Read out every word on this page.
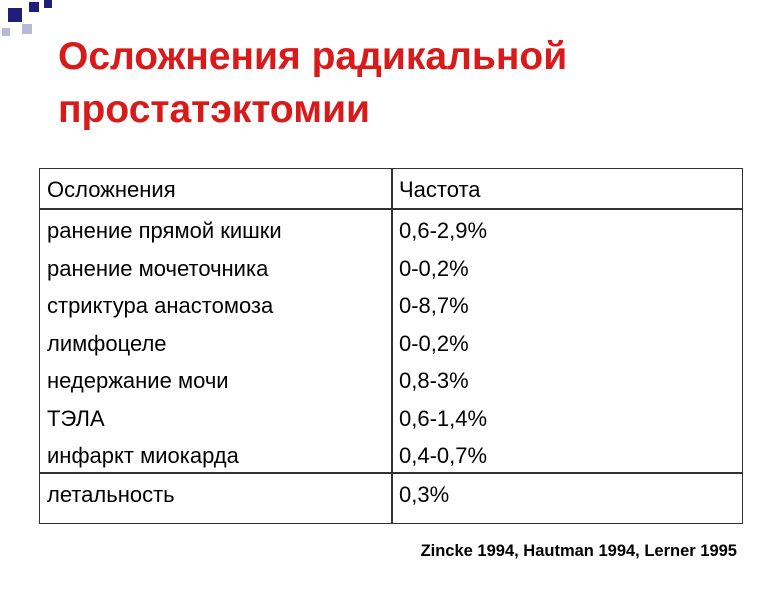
Осложнения радикальной простатэктомии
Осложнения	Частота
ранение прямой кишки	0,6-2,9%
ранение мочеточника	0-0,2%
стриктура анастомоза	0-8,7%
лимфоцеле	0-0,2%
недержание мочи	0,8-3%
ТЭЛА	0,6-1,4%
инфаркт миокарда	0,4-0,7%
летальность	0,3%
Zincke 1994, Hautman 1994, Lerner 1995
